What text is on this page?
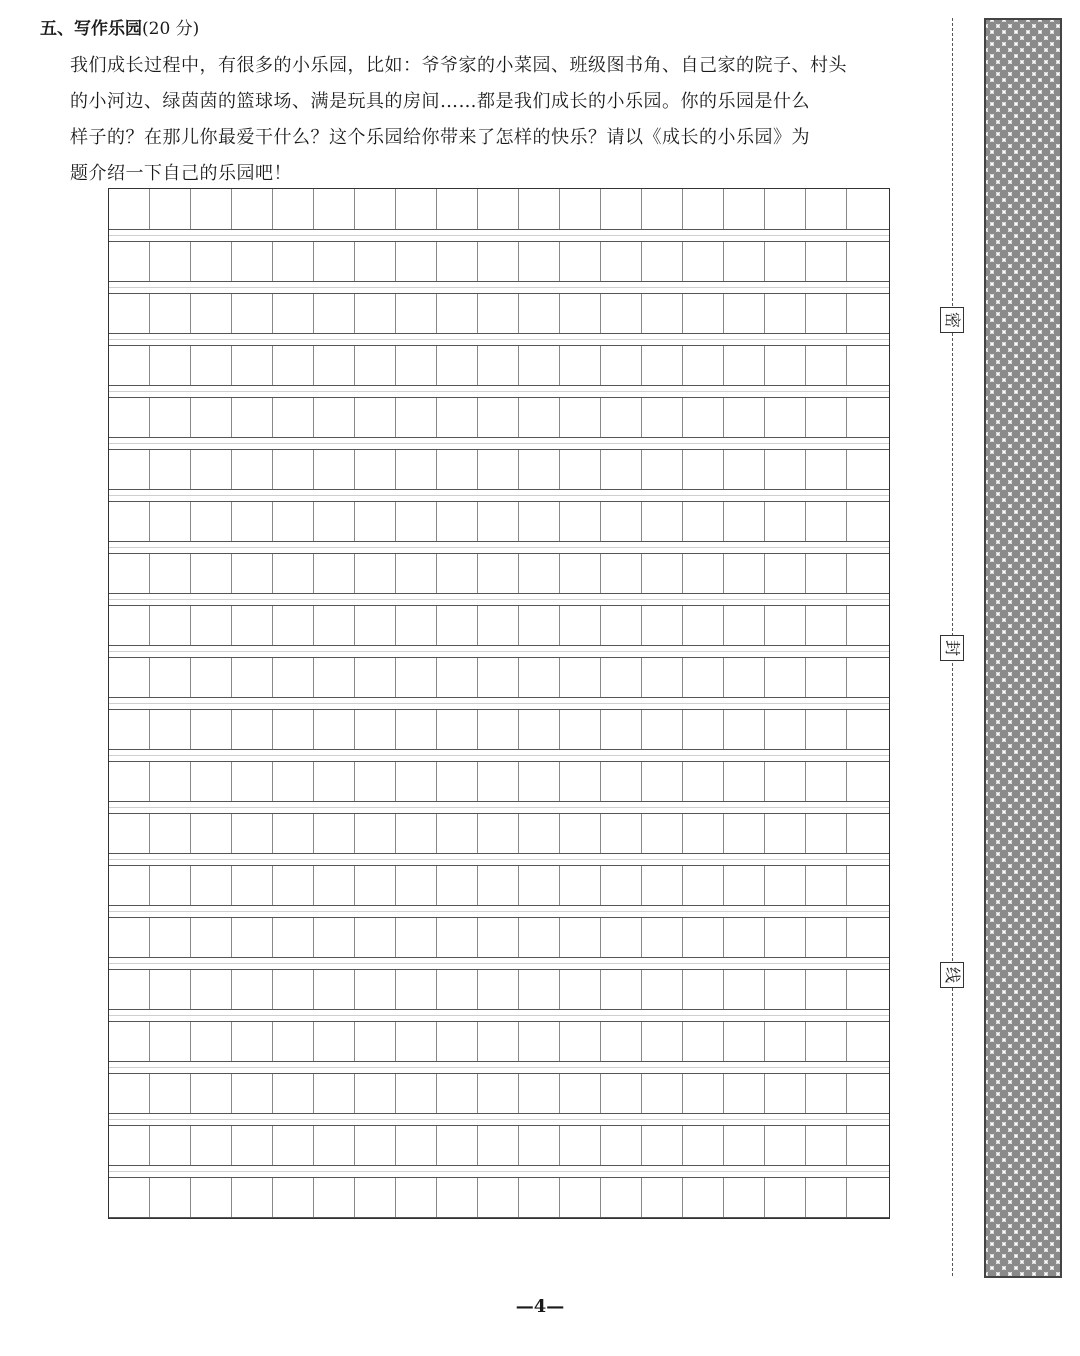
五、写作乐园(20 分)

我们成长过程中，有很多的小乐园，比如：爷爷家的小菜园、班级图书角、自己家的院子、村头

的小河边、绿茵茵的篮球场、满是玩具的房间……都是我们成长的小乐园。你的乐园是什么

样子的？在那儿你最爱干什么？这个乐园给你带来了怎样的快乐？请以《成长的小乐园》为

题介绍一下自己的乐园吧！

密
封
线
—4—
